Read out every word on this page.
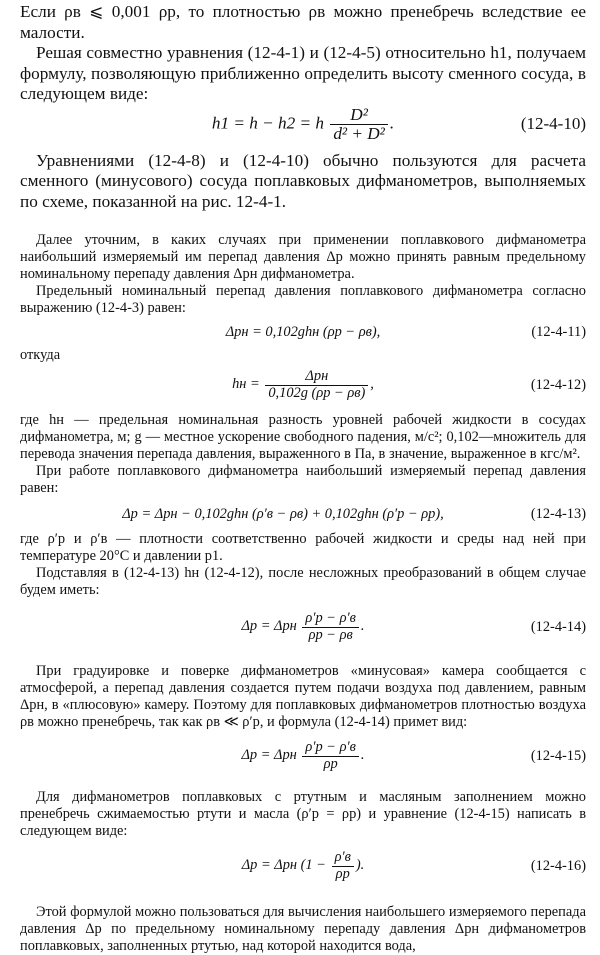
Если ρв ⩽ 0,001 ρр, то плотностью ρв можно пренебречь вследствие ее малости.

Решая совместно уравнения (12-4-1) и (12-4-5) относительно h1, получаем формулу, позволяющую приближенно определить высоту сменного сосуда, в следующем виде:

h1 = h − h2 = h $\frac{\text{D²}}{\text{d² + D²}}$ .	(12-4-10)

Уравнениями (12-4-8) и (12-4-10) обычно пользуются для расчета сменного (минусового) сосуда поплавковых дифманометров, выполняемых по схеме, показанной на рис. 12-4-1.

Далее уточним, в каких случаях при применении поплавкового дифманометра наибольший измеряемый им перепад давления Δp можно принять равным предельному номинальному перепаду давления Δpн дифманометра.

Предельный номинальный перепад давления поплавкового дифманометра согласно выражению (12-4-3) равен:

Δpн = 0,102ghн (ρр − ρв),	(12-4-11)

откуда

hн = $\frac{\text{Δpн}}{0,102g (\rho р - \rho в)}$ ,	(12-4-12)

где hн — предельная номинальная разность уровней рабочей жидкости в сосудах дифманометра, м; g — местное ускорение свободного падения, м/с²; 0,102—множитель для перевода значения перепада давления, выраженного в Па, в значение, выраженное в кгс/м².

При работе поплавкового дифманометра наибольший измеряемый перепад давления равен:

Δp = Δpн − 0,102ghн (ρ′в − ρв) + 0,102ghн (ρ′р − ρр),	(12-4-13)

где ρ′р и ρ′в — плотности соответственно рабочей жидкости и среды над ней при температуре 20°С и давлении p1.

Подставляя в (12-4-13) hн (12-4-12), после несложных преобразований в общем случае будем иметь:

Δp = Δpн $\frac{\rho'р - \rho'в}{\rho р - \rho в}$ .	(12-4-14)

При градуировке и поверке дифманометров «минусовая» камера сообщается с атмосферой, а перепад давления создается путем подачи воздуха под давлением, равным Δpн, в «плюсовую» камеру. Поэтому для поплавковых дифманометров плотностью воздуха ρв можно пренебречь, так как ρв ≪ ρ′р, и формула (12-4-14) примет вид:

Δp = Δpн $\frac{\rho'р - \rho'в}{\rho р}$ .	(12-4-15)

Для дифманометров поплавковых с ртутным и масляным заполнением можно пренебречь сжимаемостью ртути и масла (ρ′р = ρр) и уравнение (12-4-15) написать в следующем виде:

Δp = Δpн ($1 - \frac{\rho'в}{\rho р}$ ).	(12-4-16)

Этой формулой можно пользоваться для вычисления наибольшего измеряемого перепада давления Δp по предельному номинальному перепаду давления Δpн дифманометров поплавковых, заполненных ртутью, над которой находится вода,
